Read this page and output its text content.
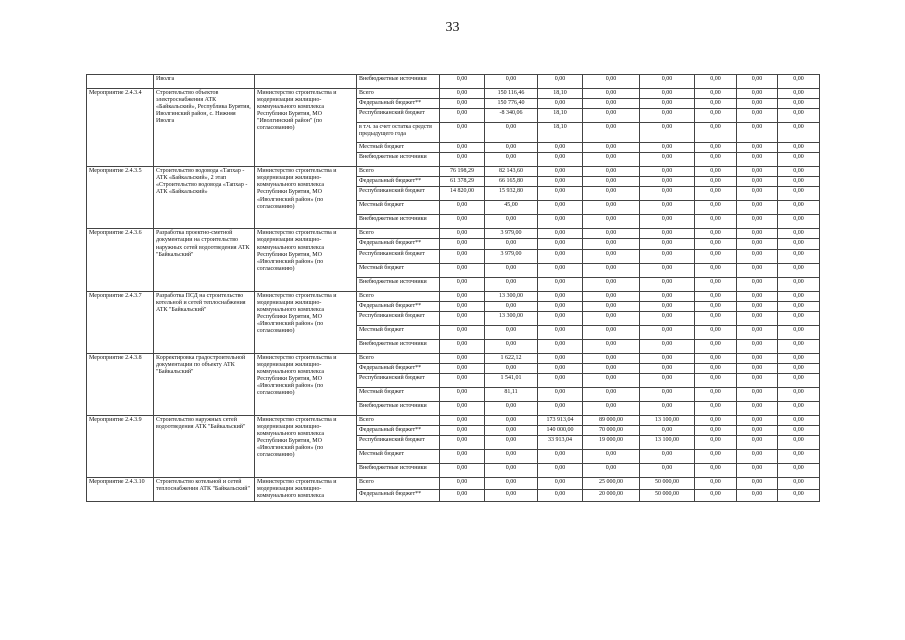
33
	Иволга		Внебюджетные источники	0,00	0,00	0,00	0,00	0,00	0,00	0,00	0,00
Мероприятие 2.4.3.4	Строительство объектов электроснабжения АТК «Байкальский», Республика Бурятия, Иволгинский район, с. Нижняя Иволга	Министерство строительства и модернизации жилищно-коммунального комплекса Республики Бурятия, МО "Иволгинский район" (по согласованию)	Всего	0,00	150 116,46	18,10	0,00	0,00	0,00	0,00	0,00
			Федеральный бюджет**	0,00	150 776,40	0,00	0,00	0,00	0,00	0,00	0,00
			Республиканский бюджет	0,00	-8 340,06	18,10	0,00	0,00	0,00	0,00	0,00
			в т.ч. за счет остатка средств предыдущего года	0,00	0,00	18,10	0,00	0,00	0,00	0,00	0,00
			Местный бюджет	0,00	0,00	0,00	0,00	0,00	0,00	0,00	0,00
			Внебюджетные источники	0,00	0,00	0,00	0,00	0,00	0,00	0,00	0,00
Мероприятие 2.4.3.5	Строительство водовода «Тапхар - АТК «Байкальский», 2 этап «Строительство водовода «Тапхар - АТК «Байкальский»	Министерство строительства и модернизации жилищно-коммунального комплекса Республики Бурятия, МО «Иволгинский район» (по согласованию)	Всего	76 198,29	82 143,60	0,00	0,00	0,00	0,00	0,00	0,00
			Федеральный бюджет**	61 378,29	66 165,80	0,00	0,00	0,00	0,00	0,00	0,00
			Республиканский бюджет	14 820,00	15 932,80	0,00	0,00	0,00	0,00	0,00	0,00
			Местный бюджет	0,00	45,00	0,00	0,00	0,00	0,00	0,00	0,00
			Внебюджетные источники	0,00	0,00	0,00	0,00	0,00	0,00	0,00	0,00
Мероприятие 2.4.3.6	Разработка проектно-сметной документации на строительство наружных сетей водоотведения АТК "Байкальский"	Министерство строительства и модернизации жилищно-коммунального комплекса Республики Бурятия, МО «Иволгинский район» (по согласованию)	Всего	0,00	3 979,00	0,00	0,00	0,00	0,00	0,00	0,00
			Федеральный бюджет**	0,00	0,00	0,00	0,00	0,00	0,00	0,00	0,00
			Республиканский бюджет	0,00	3 979,00	0,00	0,00	0,00	0,00	0,00	0,00
			Местный бюджет	0,00	0,00	0,00	0,00	0,00	0,00	0,00	0,00
			Внебюджетные источники	0,00	0,00	0,00	0,00	0,00	0,00	0,00	0,00
Мероприятие 2.4.3.7	Разработка ПСД на строительство котельной и сетей теплоснабжения АТК "Байкальский"	Министерство строительства и модернизации жилищно-коммунального комплекса Республики Бурятия, МО «Иволгинский район» (по согласованию)	Всего	0,00	13 300,00	0,00	0,00	0,00	0,00	0,00	0,00
			Федеральный бюджет**	0,00	0,00	0,00	0,00	0,00	0,00	0,00	0,00
			Республиканский бюджет	0,00	13 300,00	0,00	0,00	0,00	0,00	0,00	0,00
			Местный бюджет	0,00	0,00	0,00	0,00	0,00	0,00	0,00	0,00
			Внебюджетные источники	0,00	0,00	0,00	0,00	0,00	0,00	0,00	0,00
Мероприятие 2.4.3.8	Корректировка градостроительной документации по объекту АТК "Байкальский"	Министерство строительства и модернизации жилищно-коммунального комплекса Республики Бурятия, МО «Иволгинский район» (по согласованию)	Всего	0,00	1 622,12	0,00	0,00	0,00	0,00	0,00	0,00
			Федеральный бюджет**	0,00	0,00	0,00	0,00	0,00	0,00	0,00	0,00
			Республиканский бюджет	0,00	1 541,01	0,00	0,00	0,00	0,00	0,00	0,00
			Местный бюджет	0,00	81,11	0,00	0,00	0,00	0,00	0,00	0,00
			Внебюджетные источники	0,00	0,00	0,00	0,00	0,00	0,00	0,00	0,00
Мероприятие 2.4.3.9	Строительство наружных сетей водоотведения АТК "Байкальский"	Министерство строительства и модернизации жилищно-коммунального комплекса Республики Бурятия, МО «Иволгинский район» (по согласованию)	Всего	0,00	0,00	173 913,04	89 000,00	13 100,00	0,00	0,00	0,00
			Федеральный бюджет**	0,00	0,00	140 000,00	70 000,00	0,00	0,00	0,00	0,00
			Республиканский бюджет	0,00	0,00	33 913,04	19 000,00	13 100,00	0,00	0,00	0,00
			Местный бюджет	0,00	0,00	0,00	0,00	0,00	0,00	0,00	0,00
			Внебюджетные источники	0,00	0,00	0,00	0,00	0,00	0,00	0,00	0,00
Мероприятие 2.4.3.10	Строительство котельной и сетей теплоснабжения АТК "Байкальский"	Министерство строительства и модернизации жилищно-коммунального комплекса	Всего	0,00	0,00	0,00	25 000,00	50 000,00	0,00	0,00	0,00
			Федеральный бюджет**	0,00	0,00	0,00	20 000,00	50 000,00	0,00	0,00	0,00
